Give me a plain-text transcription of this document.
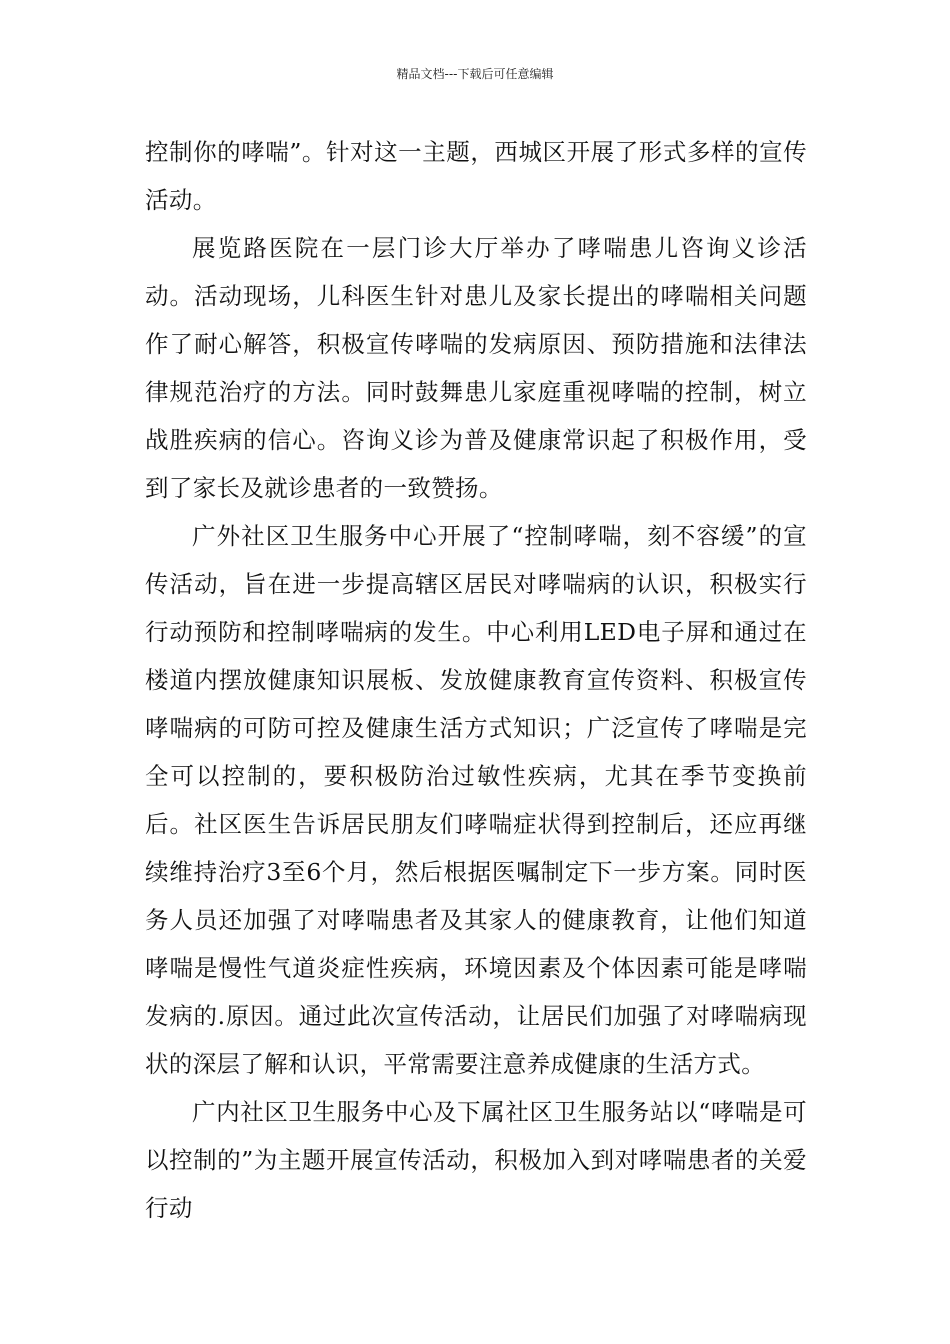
精品文档---下载后可任意编辑

控制你的哮喘”。针对这一主题，西城区开展了形式多样的宣传活动。

展览路医院在一层门诊大厅举办了哮喘患儿咨询义诊活动。活动现场，儿科医生针对患儿及家长提出的哮喘相关问题作了耐心解答，积极宣传哮喘的发病原因、预防措施和法律法律规范治疗的方法。同时鼓舞患儿家庭重视哮喘的控制，树立战胜疾病的信心。咨询义诊为普及健康常识起了积极作用，受到了家长及就诊患者的一致赞扬。

广外社区卫生服务中心开展了“控制哮喘，刻不容缓”的宣传活动，旨在进一步提高辖区居民对哮喘病的认识，积极实行行动预防和控制哮喘病的发生。中心利用LED电子屏和通过在楼道内摆放健康知识展板、发放健康教育宣传资料、积极宣传哮喘病的可防可控及健康生活方式知识；广泛宣传了哮喘是完全可以控制的，要积极防治过敏性疾病，尤其在季节变换前后。社区医生告诉居民朋友们哮喘症状得到控制后，还应再继续维持治疗3至6个月，然后根据医嘱制定下一步方案。同时医务人员还加强了对哮喘患者及其家人的健康教育，让他们知道哮喘是慢性气道炎症性疾病，环境因素及个体因素可能是哮喘发病的.原因。通过此次宣传活动，让居民们加强了对哮喘病现状的深层了解和认识，平常需要注意养成健康的生活方式。

广内社区卫生服务中心及下属社区卫生服务站以“哮喘是可以控制的”为主题开展宣传活动，积极加入到对哮喘患者的关爱行动
